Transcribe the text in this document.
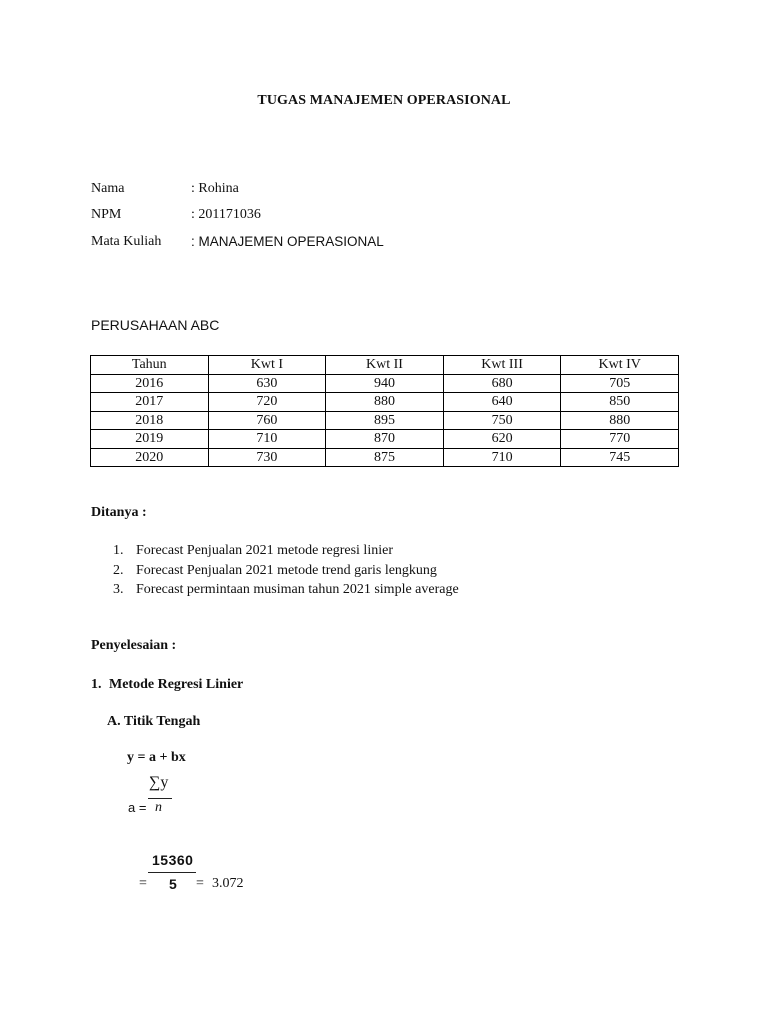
TUGAS MANAJEMEN OPERASIONAL
Nama	: Rohina
NPM	: 201171036
Mata Kuliah : MANAJEMEN OPERASIONAL
PERUSAHAAN ABC
Tahun	Kwt I	Kwt II	Kwt III	Kwt IV
2016	630	940	680	705
2017	720	880	640	850
2018	760	895	750	880
2019	710	870	620	770
2020	730	875	710	745
Ditanya :
1. Forecast Penjualan 2021 metode regresi linier
2. Forecast Penjualan 2021 metode trend garis lengkung
3. Forecast permintaan musiman tahun 2021 simple average
Penyelesaian :
1. Metode Regresi Linier
A. Titik Tengah
y = a + bx
∑y
a = n
15360
= 5 = 3.072
